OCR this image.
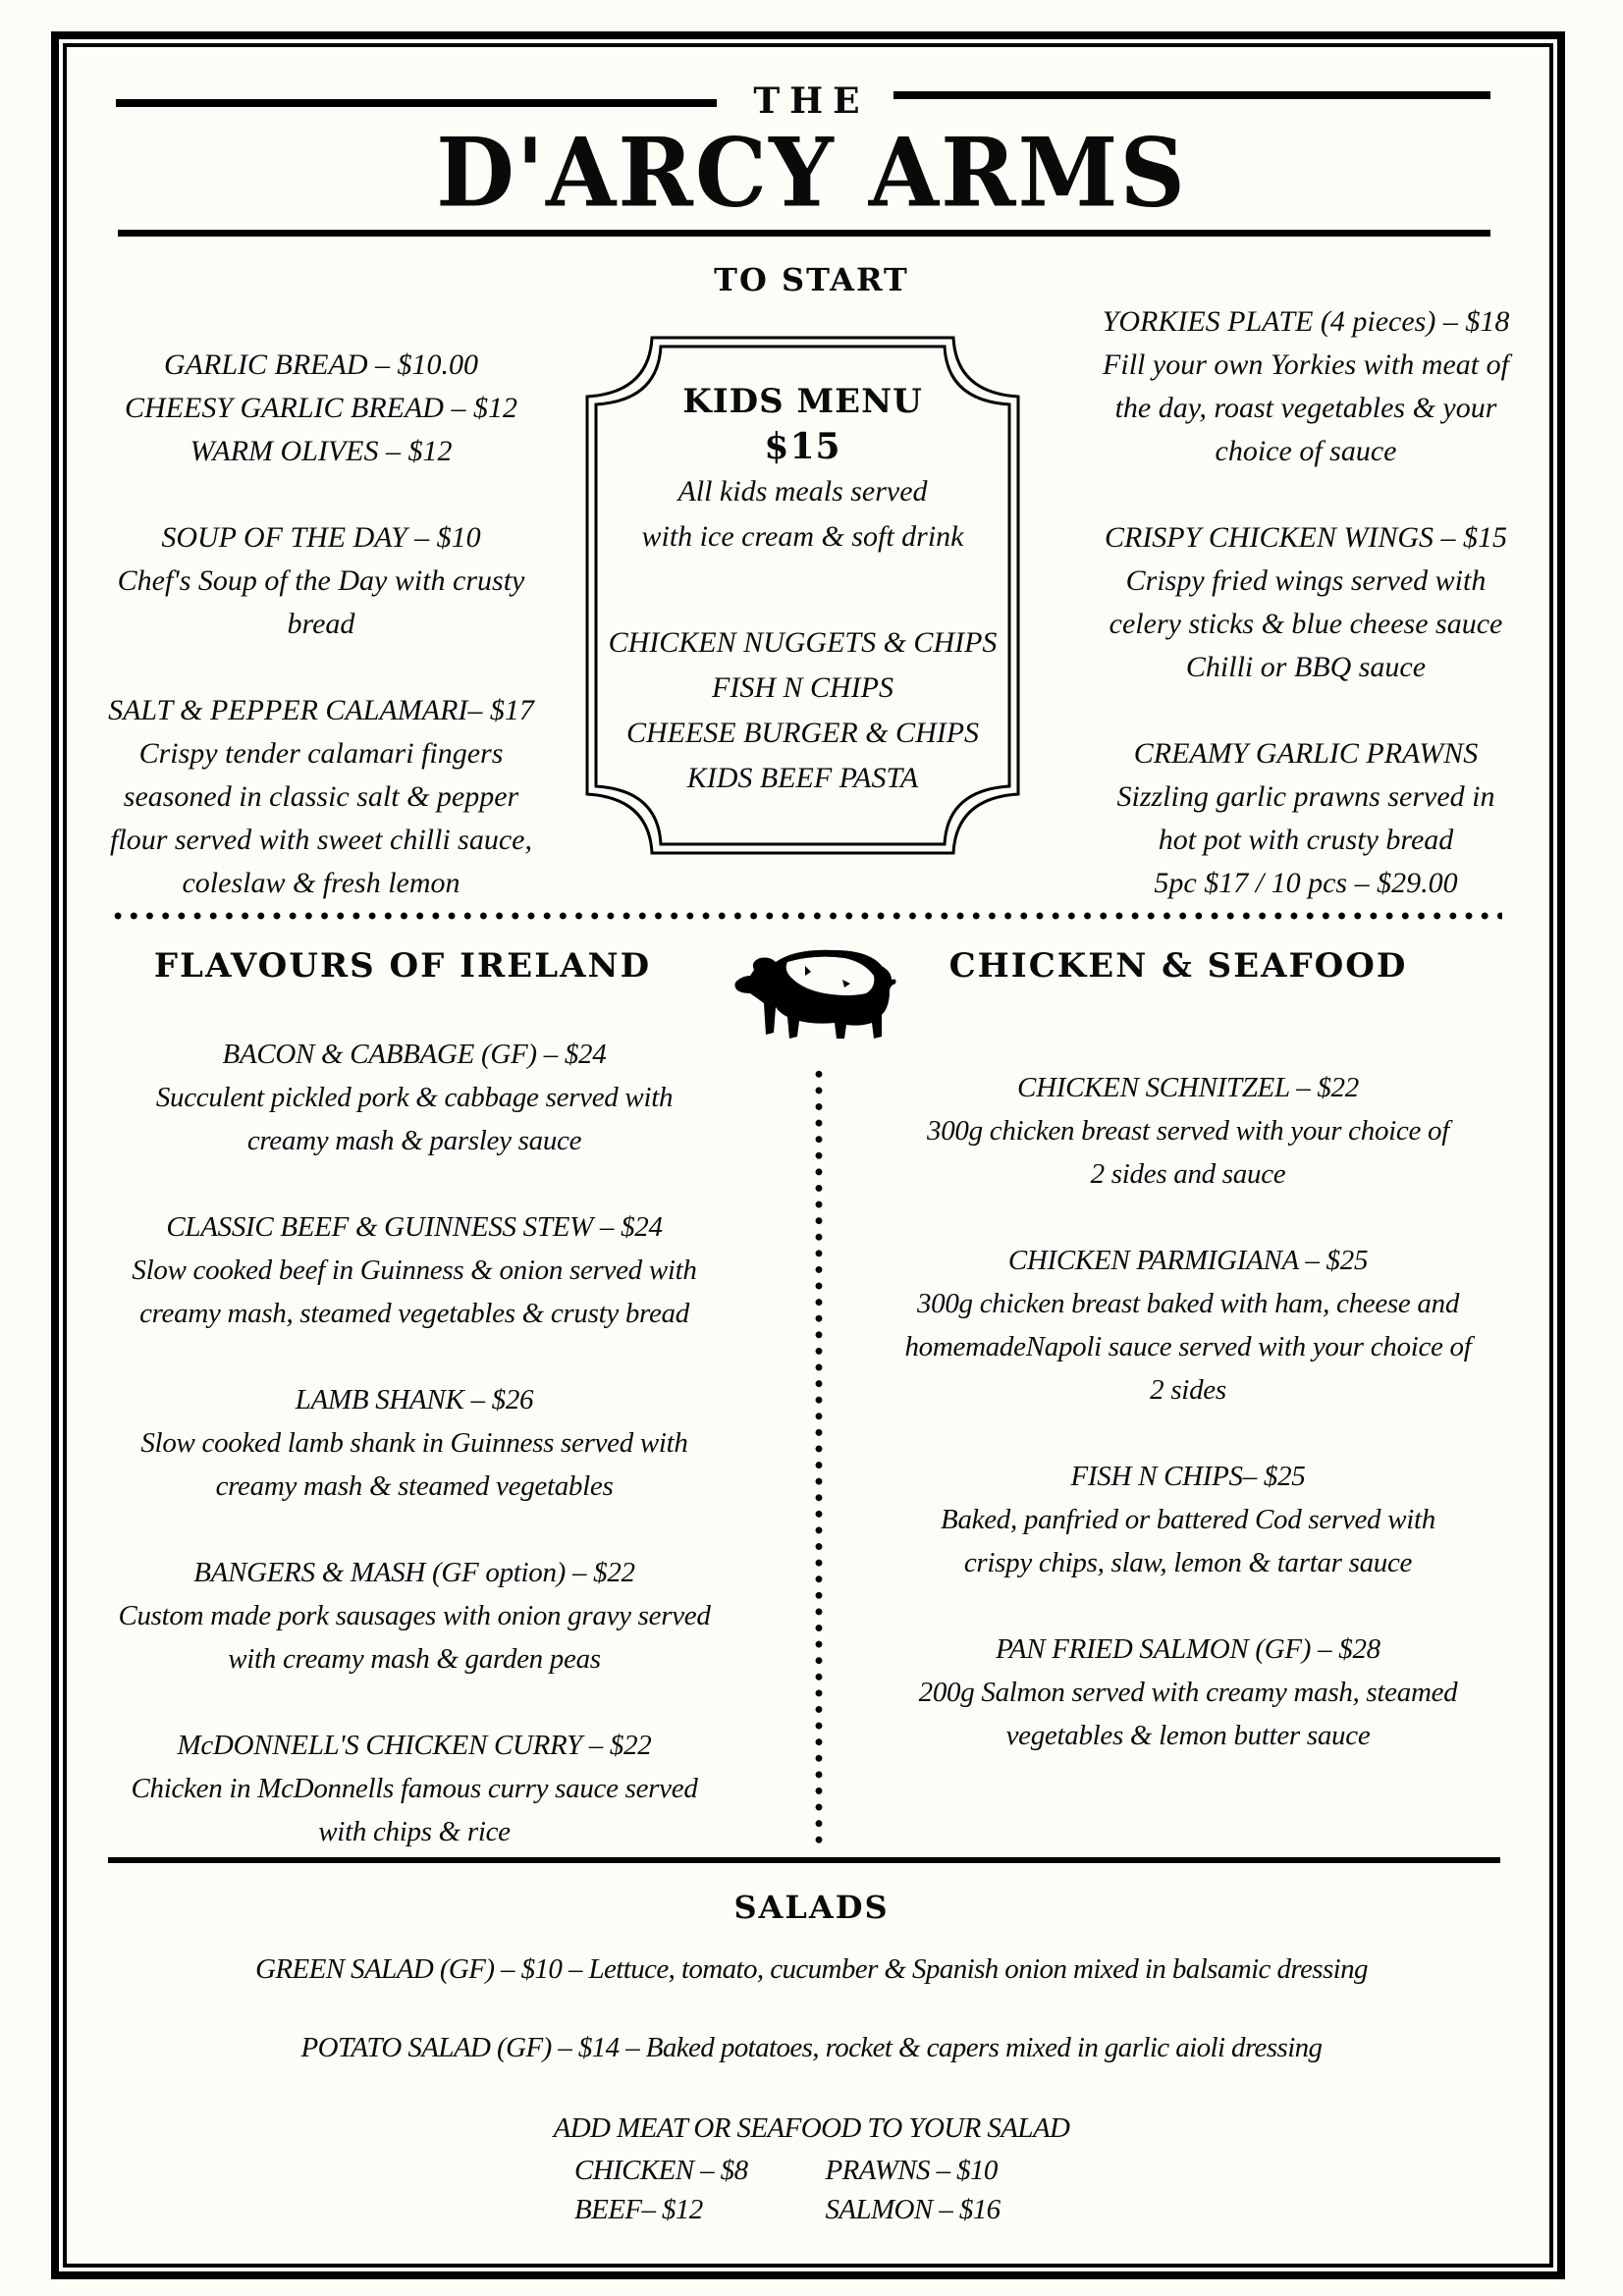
THE
D'ARCY ARMS
TO START
GARLIC BREAD – $10.00
CHEESY GARLIC BREAD – $12
WARM OLIVES – $12
SOUP OF THE DAY – $10
Chef's Soup of the Day with crusty
bread
SALT & PEPPER CALAMARI– $17
Crispy tender calamari fingers
seasoned in classic salt & pepper
flour served with sweet chilli sauce,
coleslaw & fresh lemon
KIDS MENU
$15
All kids meals served
with ice cream & soft drink
CHICKEN NUGGETS & CHIPS
FISH N CHIPS
CHEESE BURGER & CHIPS
KIDS BEEF PASTA
YORKIES PLATE (4 pieces) – $18
Fill your own Yorkies with meat of
the day, roast vegetables & your
choice of sauce
CRISPY CHICKEN WINGS – $15
Crispy fried wings served with
celery sticks & blue cheese sauce
Chilli or BBQ sauce
CREAMY GARLIC PRAWNS
Sizzling garlic prawns served in
hot pot with crusty bread
5pc $17 / 10 pcs – $29.00
FLAVOURS OF IRELAND	CHICKEN & SEAFOOD
BACON & CABBAGE (GF) – $24
Succulent pickled pork & cabbage served with
creamy mash & parsley sauce
CLASSIC BEEF & GUINNESS STEW – $24
Slow cooked beef in Guinness & onion served with
creamy mash, steamed vegetables & crusty bread
LAMB SHANK – $26
Slow cooked lamb shank in Guinness served with
creamy mash & steamed vegetables
BANGERS & MASH (GF option) – $22
Custom made pork sausages with onion gravy served
with creamy mash & garden peas
McDONNELL'S CHICKEN CURRY – $22
Chicken in McDonnells famous curry sauce served
with chips & rice
CHICKEN SCHNITZEL – $22
300g chicken breast served with your choice of
2 sides and sauce
CHICKEN PARMIGIANA – $25
300g chicken breast baked with ham, cheese and
homemadeNapoli sauce served with your choice of
2 sides
FISH N CHIPS– $25
Baked, panfried or battered Cod served with
crispy chips, slaw, lemon & tartar sauce
PAN FRIED SALMON (GF) – $28
200g Salmon served with creamy mash, steamed
vegetables & lemon butter sauce
SALADS
GREEN SALAD (GF) – $10 – Lettuce, tomato, cucumber & Spanish onion mixed in balsamic dressing
POTATO SALAD (GF) – $14 – Baked potatoes, rocket & capers mixed in garlic aioli dressing
ADD MEAT OR SEAFOOD TO YOUR SALAD
CHICKEN – $8	PRAWNS – $10
BEEF– $12	SALMON – $16
